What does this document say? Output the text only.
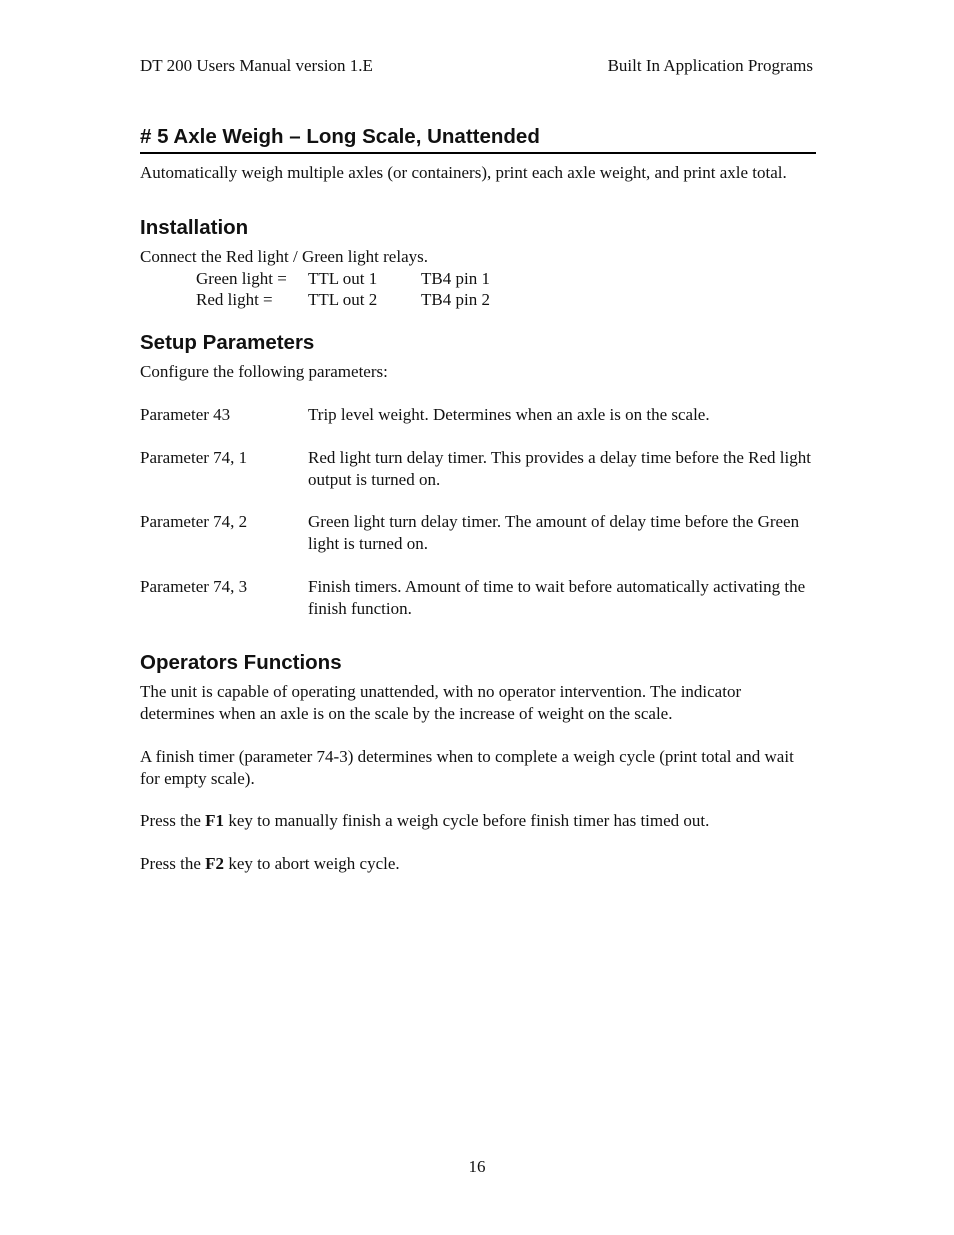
DT 200 Users Manual version 1.E	Built In Application Programs
# 5 Axle Weigh – Long Scale, Unattended
Automatically weigh multiple axles (or containers), print each axle weight, and print axle total.
Installation
Connect the Red light / Green light relays.
Green light = TTL out 1	TB4 pin 1
Red light = TTL out 2	TB4 pin 2
Setup Parameters
Configure the following parameters:
Parameter 43	Trip level weight. Determines when an axle is on the scale.
Parameter 74, 1	Red light turn delay timer. This provides a delay time before the Red light output is turned on.
Parameter 74, 2	Green light turn delay timer. The amount of delay time before the Green light is turned on.
Parameter 74, 3	Finish timers. Amount of time to wait before automatically activating the finish function.
Operators Functions
The unit is capable of operating unattended, with no operator intervention. The indicator determines when an axle is on the scale by the increase of weight on the scale.
A finish timer (parameter 74-3) determines when to complete a weigh cycle (print total and wait for empty scale).
Press the F1 key to manually finish a weigh cycle before finish timer has timed out.
Press the F2 key to abort weigh cycle.
16
